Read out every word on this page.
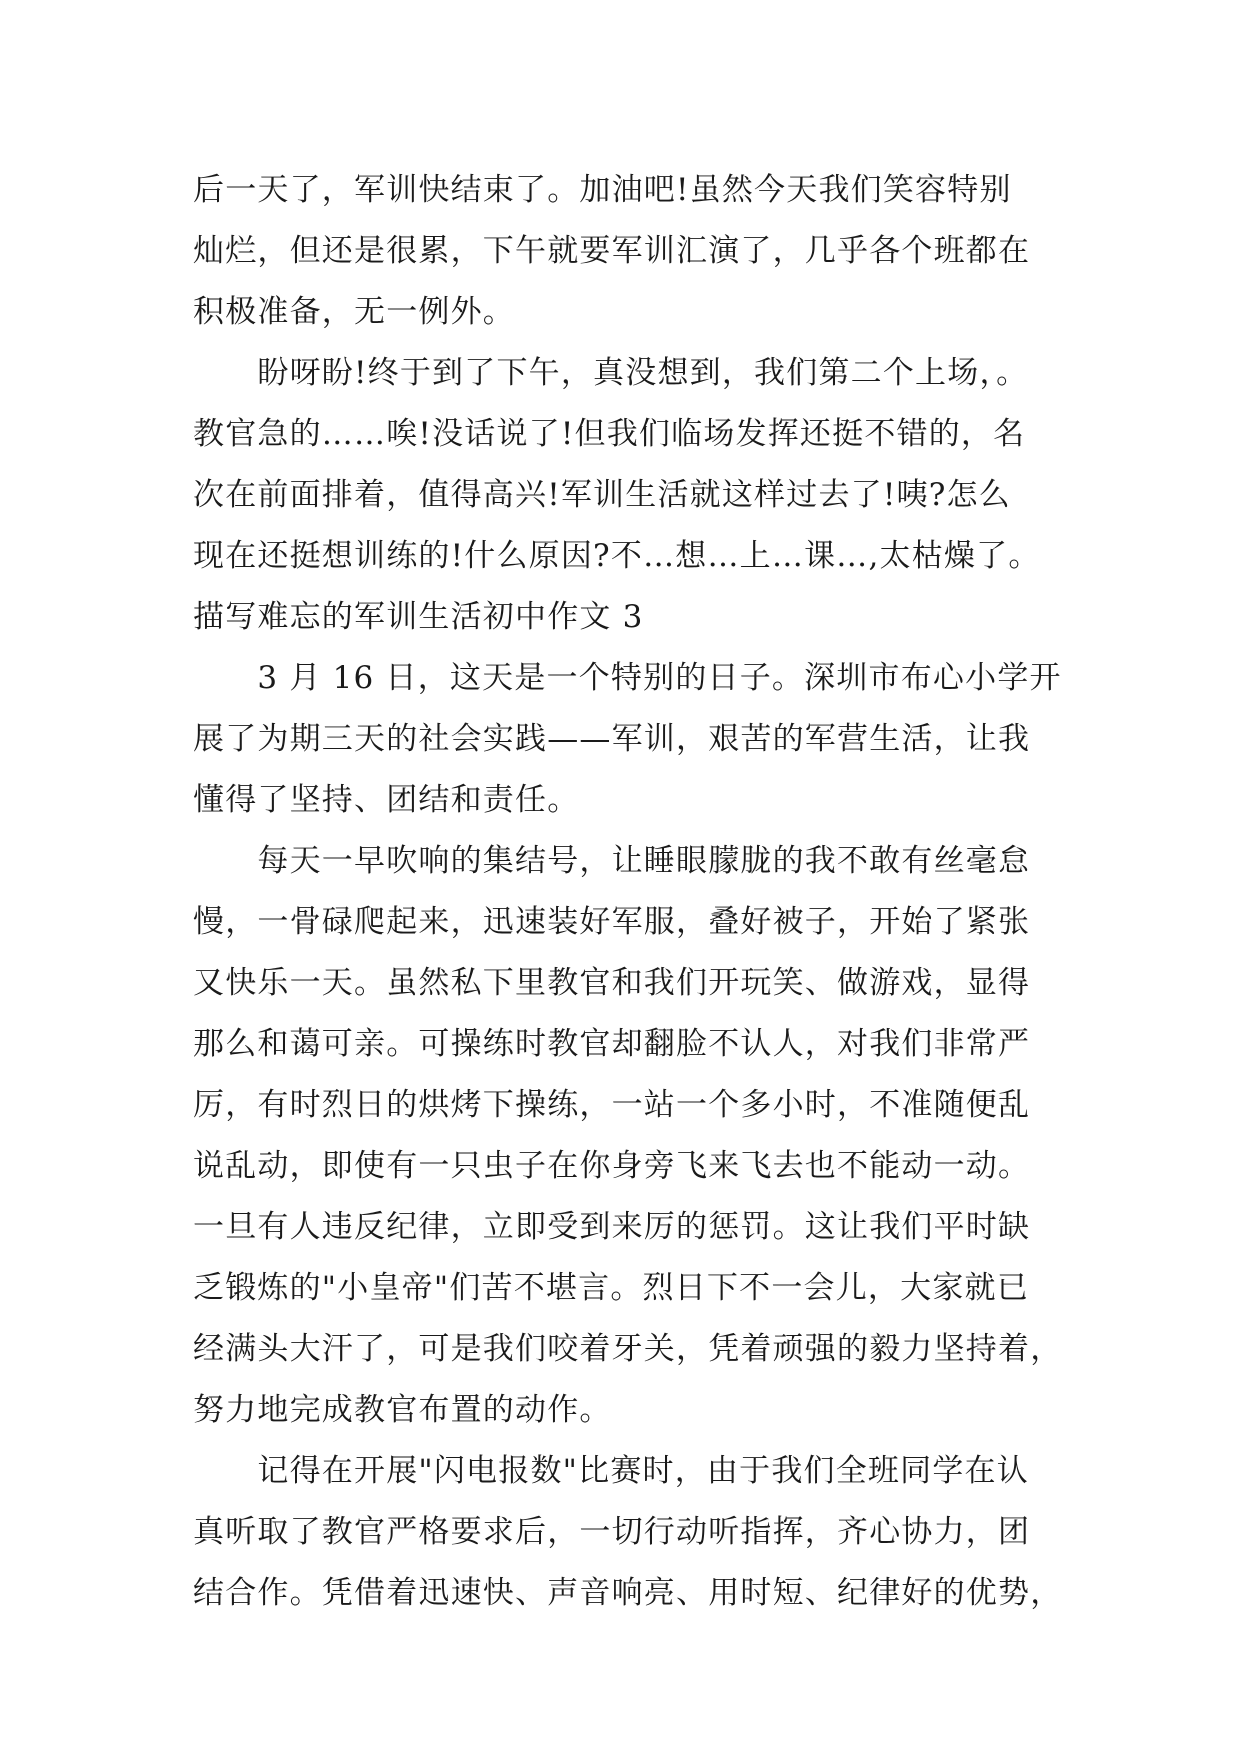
后一天了，军训快结束了。加油吧!虽然今天我们笑容特别
灿烂，但还是很累，下午就要军训汇演了，几乎各个班都在
积极准备，无一例外。
　　盼呀盼!终于到了下午，真没想到，我们第二个上场，。
教官急的……唉!没话说了!但我们临场发挥还挺不错的，名
次在前面排着，值得高兴!军训生活就这样过去了!咦?怎么
现在还挺想训练的!什么原因?不…想…上…课…,太枯燥了。
描写难忘的军训生活初中作文 3
　　3 月 16 日，这天是一个特别的日子。深圳市布心小学开
展了为期三天的社会实践——军训，艰苦的军营生活，让我
懂得了坚持、团结和责任。
　　每天一早吹响的集结号，让睡眼朦胧的我不敢有丝毫怠
慢，一骨碌爬起来，迅速装好军服，叠好被子，开始了紧张
又快乐一天。虽然私下里教官和我们开玩笑、做游戏，显得
那么和蔼可亲。可操练时教官却翻脸不认人，对我们非常严
厉，有时烈日的烘烤下操练，一站一个多小时，不准随便乱
说乱动，即使有一只虫子在你身旁飞来飞去也不能动一动。
一旦有人违反纪律，立即受到来厉的惩罚。这让我们平时缺
乏锻炼的"小皇帝"们苦不堪言。烈日下不一会儿，大家就已
经满头大汗了，可是我们咬着牙关，凭着顽强的毅力坚持着，
努力地完成教官布置的动作。
　　记得在开展"闪电报数"比赛时，由于我们全班同学在认
真听取了教官严格要求后，一切行动听指挥，齐心协力，团
结合作。凭借着迅速快、声音响亮、用时短、纪律好的优势，
